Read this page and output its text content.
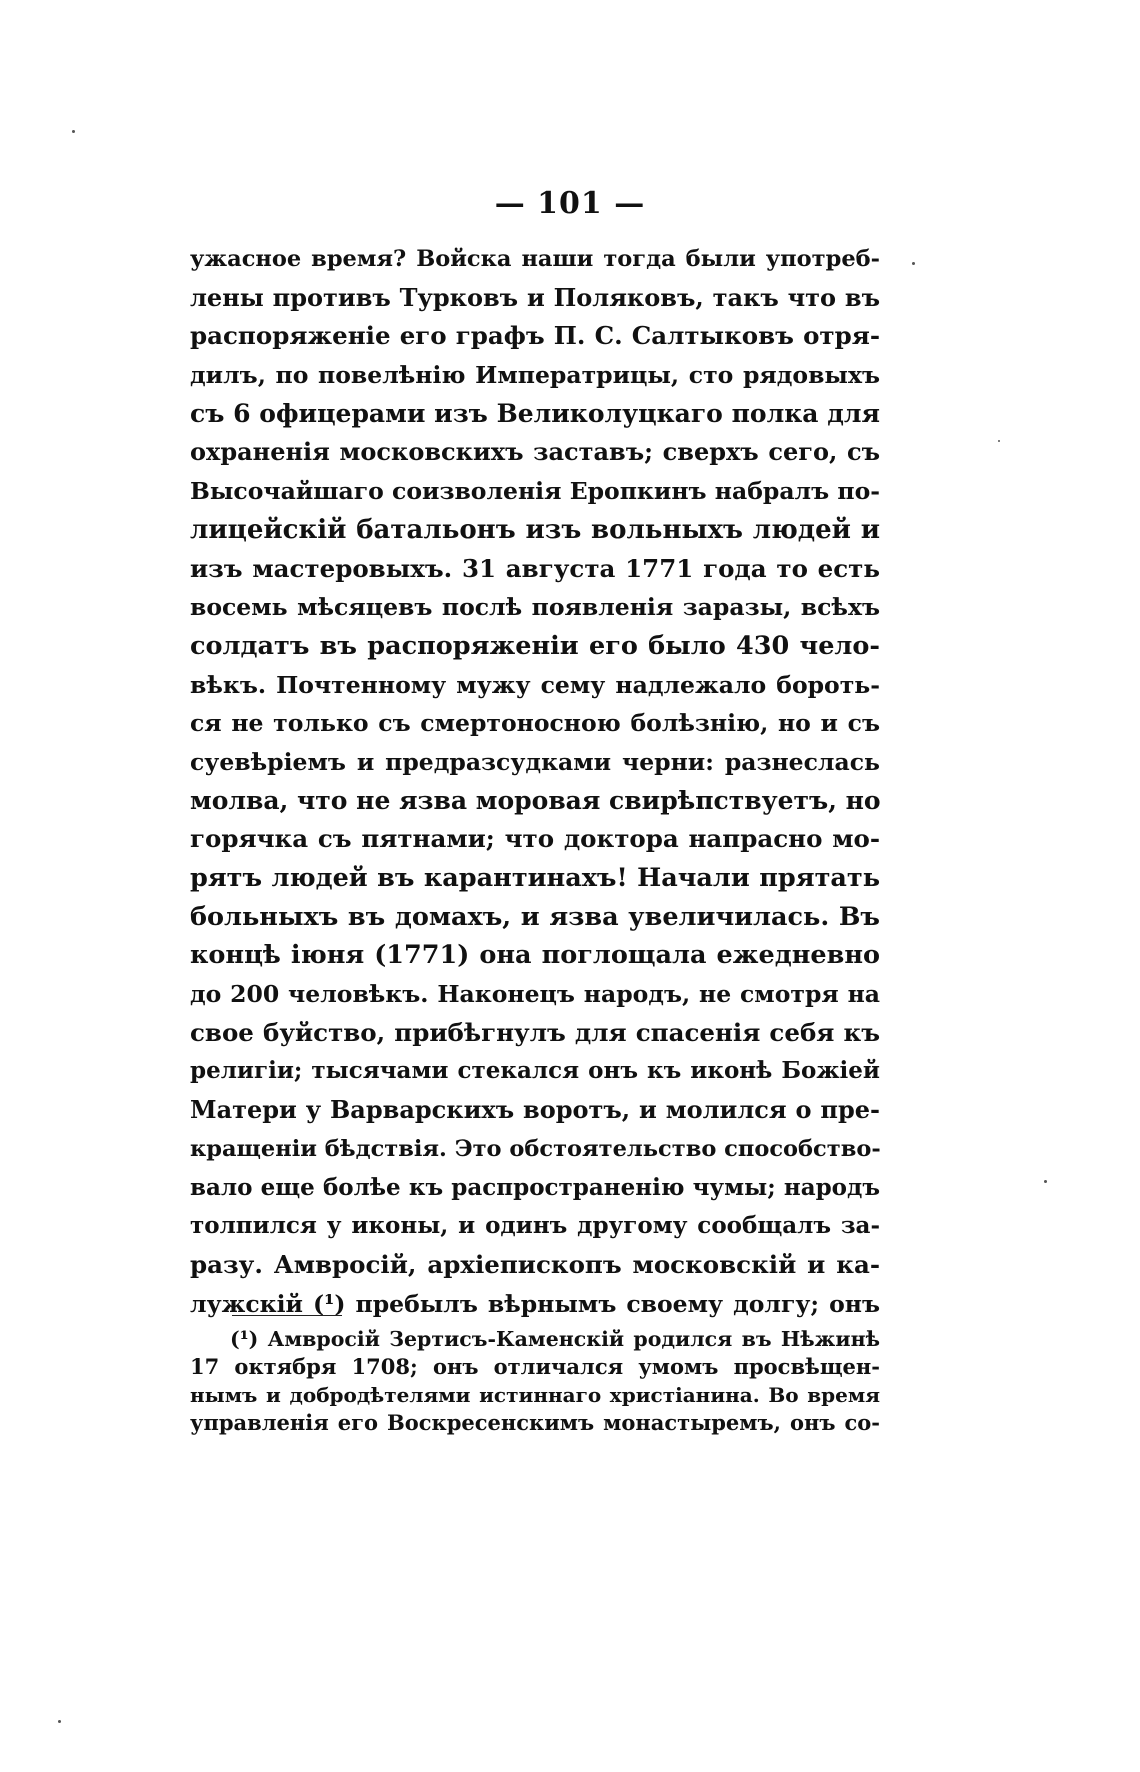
— 101 —
ужасное время? Войска наши тогда были употреб-
лены противъ Турковъ и Поляковъ, такъ что въ
распоряженіе его графъ П. С. Салтыковъ отря-
дилъ, по повелѣнію Императрицы, сто рядовыхъ
съ 6 офицерами изъ Великолуцкаго полка для
охраненія московскихъ заставъ; сверхъ сего, съ
Высочайшаго соизволенія Еропкинъ набралъ по-
лицейскій батальонъ изъ вольныхъ людей и
изъ мастеровыхъ. 31 августа 1771 года то есть
восемь мѣсяцевъ послѣ появленія заразы, всѣхъ
солдатъ въ распоряженіи его было 430 чело-
вѣкъ. Почтенному мужу сему надлежало бороть-
ся не только съ смертоносною болѣзнію, но и съ
суевѣріемъ и предразсудками черни: разнеслась
молва, что не язва моровая свирѣпствуетъ, но
горячка съ пятнами; что доктора напрасно мо-
рятъ людей въ карантинахъ! Начали прятать
больныхъ въ домахъ, и язва увеличилась. Въ
концѣ іюня (1771) она поглощала ежедневно
до 200 человѣкъ. Наконецъ народъ, не смотря на
свое буйство, прибѣгнулъ для спасенія себя къ
религіи; тысячами стекался онъ къ иконѣ Божіей
Матери у Варварскихъ воротъ, и молился о пре-
кращеніи бѣдствія. Это обстоятельство способство-
вало еще болѣе къ распространенію чумы; народъ
толпился у иконы, и одинъ другому сообщалъ за-
разу. Амвросій, архіепископъ московскій и ка-
лужскій (¹) пребылъ вѣрнымъ своему долгу; онъ
(¹) Амвросій Зертисъ-Каменскій родился въ Нѣжинѣ
17 октября 1708; онъ отличался умомъ просвѣщен-
нымъ и добродѣтелями истиннаго христіанина. Во время
управленія его Воскресенскимъ монастыремъ, онъ со-
